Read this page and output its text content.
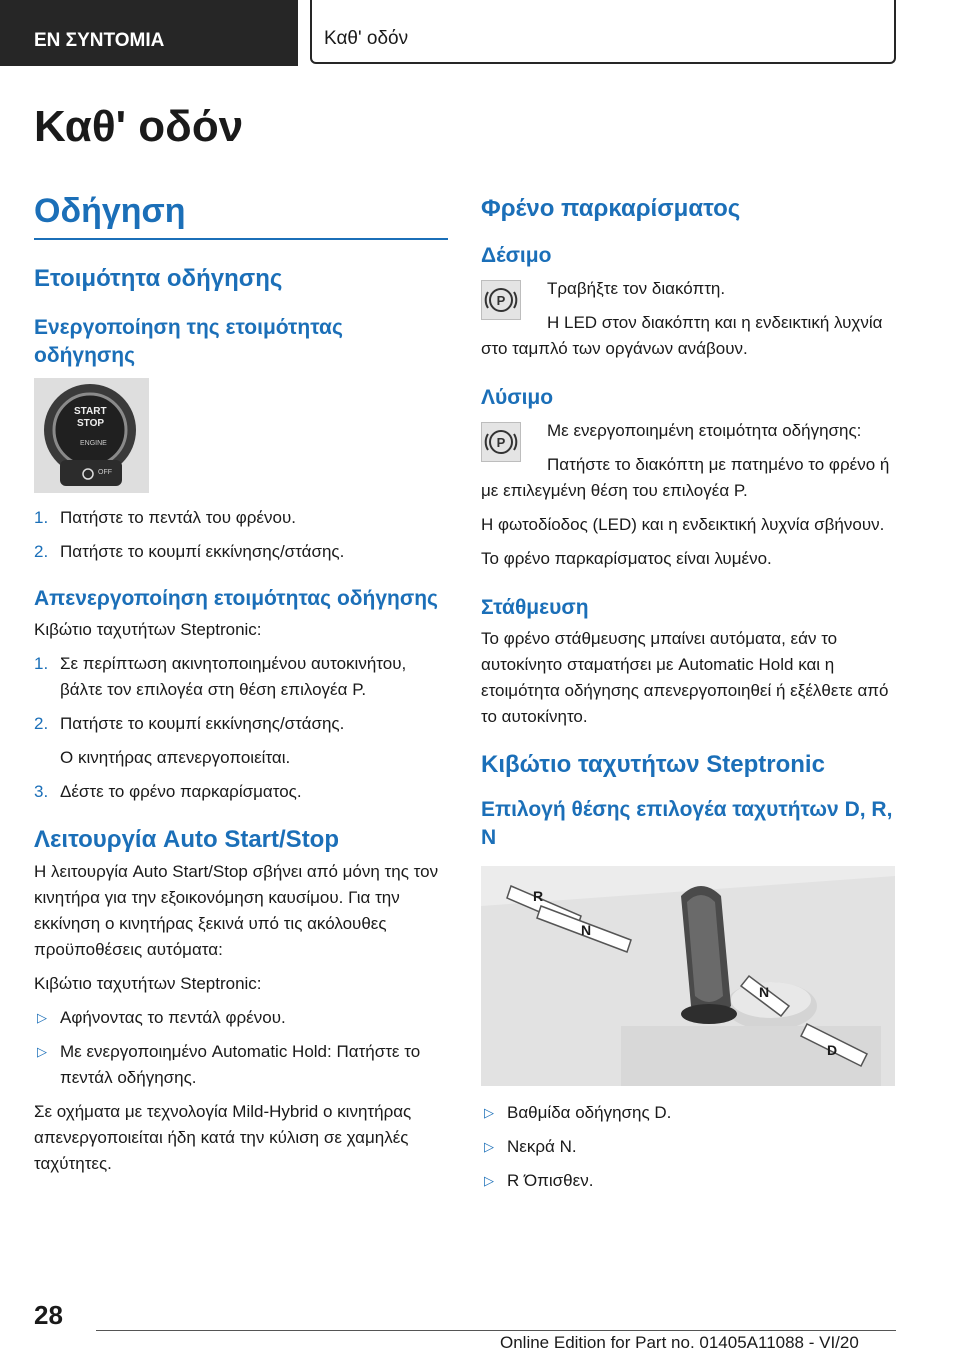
ΕΝ ΣΥΝΤΟΜΙΑ	Καθ' οδόν
Καθ' οδόν
Οδήγηση
Ετοιμότητα οδήγησης
Ενεργοποίηση της ετοιμότητας οδήγησης
START
STOP
ENGINE
OFF
1. Πατήστε το πεντάλ του φρένου.
2. Πατήστε το κουμπί εκκίνησης/στάσης.
Απενεργοποίηση ετοιμότητας οδήγησης

Κιβώτιο ταχυτήτων Steptronic:

1. Σε περίπτωση ακινητοποιημένου αυτοκινήτου, βάλτε τον επιλογέα στη θέση επιλογέα P.
2. Πατήστε το κουμπί εκκίνησης/στάσης.
Ο κινητήρας απενεργοποιείται.
3. Δέστε το φρένο παρκαρίσματος.
Λειτουργία Auto Start/Stop

Η λειτουργία Auto Start/Stop σβήνει από μόνη της τον κινητήρα για την εξοικονόμηση καυσίμου. Για την εκκίνηση ο κινητήρας ξεκινά υπό τις ακόλουθες προϋποθέσεις αυτόματα:

Κιβώτιο ταχυτήτων Steptronic:

▷ Αφήνοντας το πεντάλ φρένου.
▷ Με ενεργοποιημένο Automatic Hold: Πατήστε το πεντάλ οδήγησης.

Σε οχήματα με τεχνολογία Mild-Hybrid ο κινητήρας απενεργοποιείται ήδη κατά την κύλιση σε χαμηλές ταχύτητες.

Φρένο παρκαρίσματος
Δέσιμο
P

Τραβήξτε τον διακόπτη.

Η LED στον διακόπτη και η ενδεικτική λυχνία στο ταμπλό των οργάνων ανάβουν.

Λύσιμο
P

Με ενεργοποιημένη ετοιμότητα οδήγησης:

Πατήστε το διακόπτη με πατημένο το φρένο ή με επιλεγμένη θέση του επιλογέα P.

Η φωτοδίοδος (LED) και η ενδεικτική λυχνία σβήνουν.

Το φρένο παρκαρίσματος είναι λυμένο.

Στάθμευση

Το φρένο στάθμευσης μπαίνει αυτόματα, εάν το αυτοκίνητο σταματήσει με Automatic Hold και η ετοιμότητα οδήγησης απενεργοποιηθεί ή εξέλθετε από το αυτοκίνητο.

Κιβώτιο ταχυτήτων Steptronic
Επιλογή θέσης επιλογέα ταχυτήτων D, R, N
R
N
N
D
▷ Βαθμίδα οδήγησης D.
▷ Νεκρά N.
▷ R Όπισθεν.
28
Online Edition for Part no. 01405A11088 - VI/20
